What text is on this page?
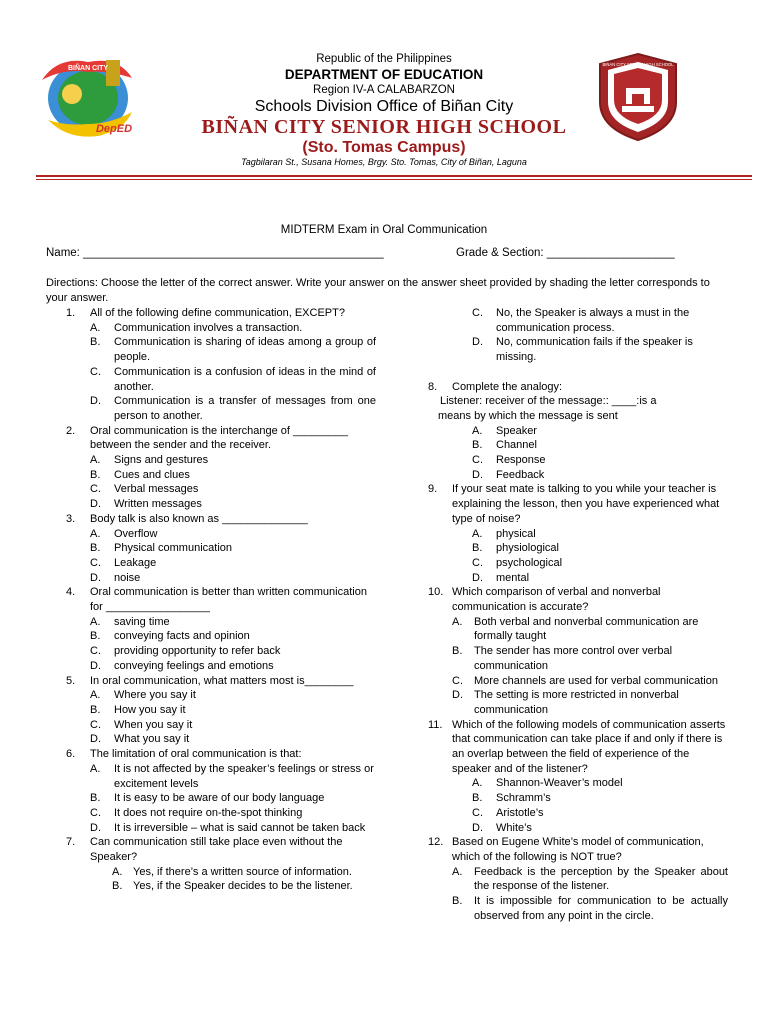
BIÑAN CITY
DepED
BIÑAN CITY SENIOR HIGH SCHOOL
Republic of the Philippines
DEPARTMENT OF EDUCATION
Region IV-A CALABARZON
Schools Division Office of Biñan City
BIÑAN CITY SENIOR HIGH SCHOOL
(Sto. Tomas Campus)
Tagbilaran St., Susana Homes, Brgy. Sto. Tomas, City of Biñan, Laguna
MIDTERM Exam in Oral Communication
Name: _______________________________________________	Grade & Section: ____________________
Directions: Choose the letter of the correct answer. Write your answer on the answer sheet provided by shading the letter corresponds to your answer.
1. All of the following define communication, EXCEPT?
A. Communication involves a transaction.
B. Communication is sharing of ideas among a group of people.
C. Communication is a confusion of ideas in the mind of another.
D. Communication is a transfer of messages from one person to another.
2. Oral communication is the interchange of _________ between the sender and the receiver.
A. Signs and gestures
B. Cues and clues
C. Verbal messages
D. Written messages
3. Body talk is also known as ______________
A. Overflow
B. Physical communication
C. Leakage
D. noise
4. Oral communication is better than written communication for _________________
A. saving time
B. conveying facts and opinion
C. providing opportunity to refer back
D. conveying feelings and emotions
5. In oral communication, what matters most is________
A. Where you say it
B. How you say it
C. When you say it
D. What you say it
6. The limitation of oral communication is that:
A. It is not affected by the speaker’s feelings or stress or excitement levels
B. It is easy to be aware of our body language
C. It does not require on-the-spot thinking
D. It is irreversible – what is said cannot be taken back
7. Can communication still take place even without the Speaker?
A. Yes, if there’s a written source of information.
B. Yes, if the Speaker decides to be the listener.
C. No, the Speaker is always a must in the communication process.
D. No, communication fails if the speaker is missing.
8. Complete the analogy:
Listener: receiver of the message:: ____:is a
means by which the message is sent
A. Speaker
B. Channel
C. Response
D. Feedback
9. If your seat mate is talking to you while your teacher is explaining the lesson, then you have experienced what type of noise?
A. physical
B. physiological
C. psychological
D. mental
10. Which comparison of verbal and nonverbal communication is accurate?
A. Both verbal and nonverbal communication are formally taught
B. The sender has more control over verbal communication
C. More channels are used for verbal communication
D. The setting is more restricted in nonverbal communication
11. Which of the following models of communication asserts that communication can take place if and only if there is an overlap between the field of experience of the speaker and of the listener?
A. Shannon-Weaver’s model
B. Schramm’s
C. Aristotle’s
D. White’s
12. Based on Eugene White’s model of communication, which of the following is NOT true?
A. Feedback is the perception by the Speaker about the response of the listener.
B. It is impossible for communication to be actually observed from any point in the circle.
